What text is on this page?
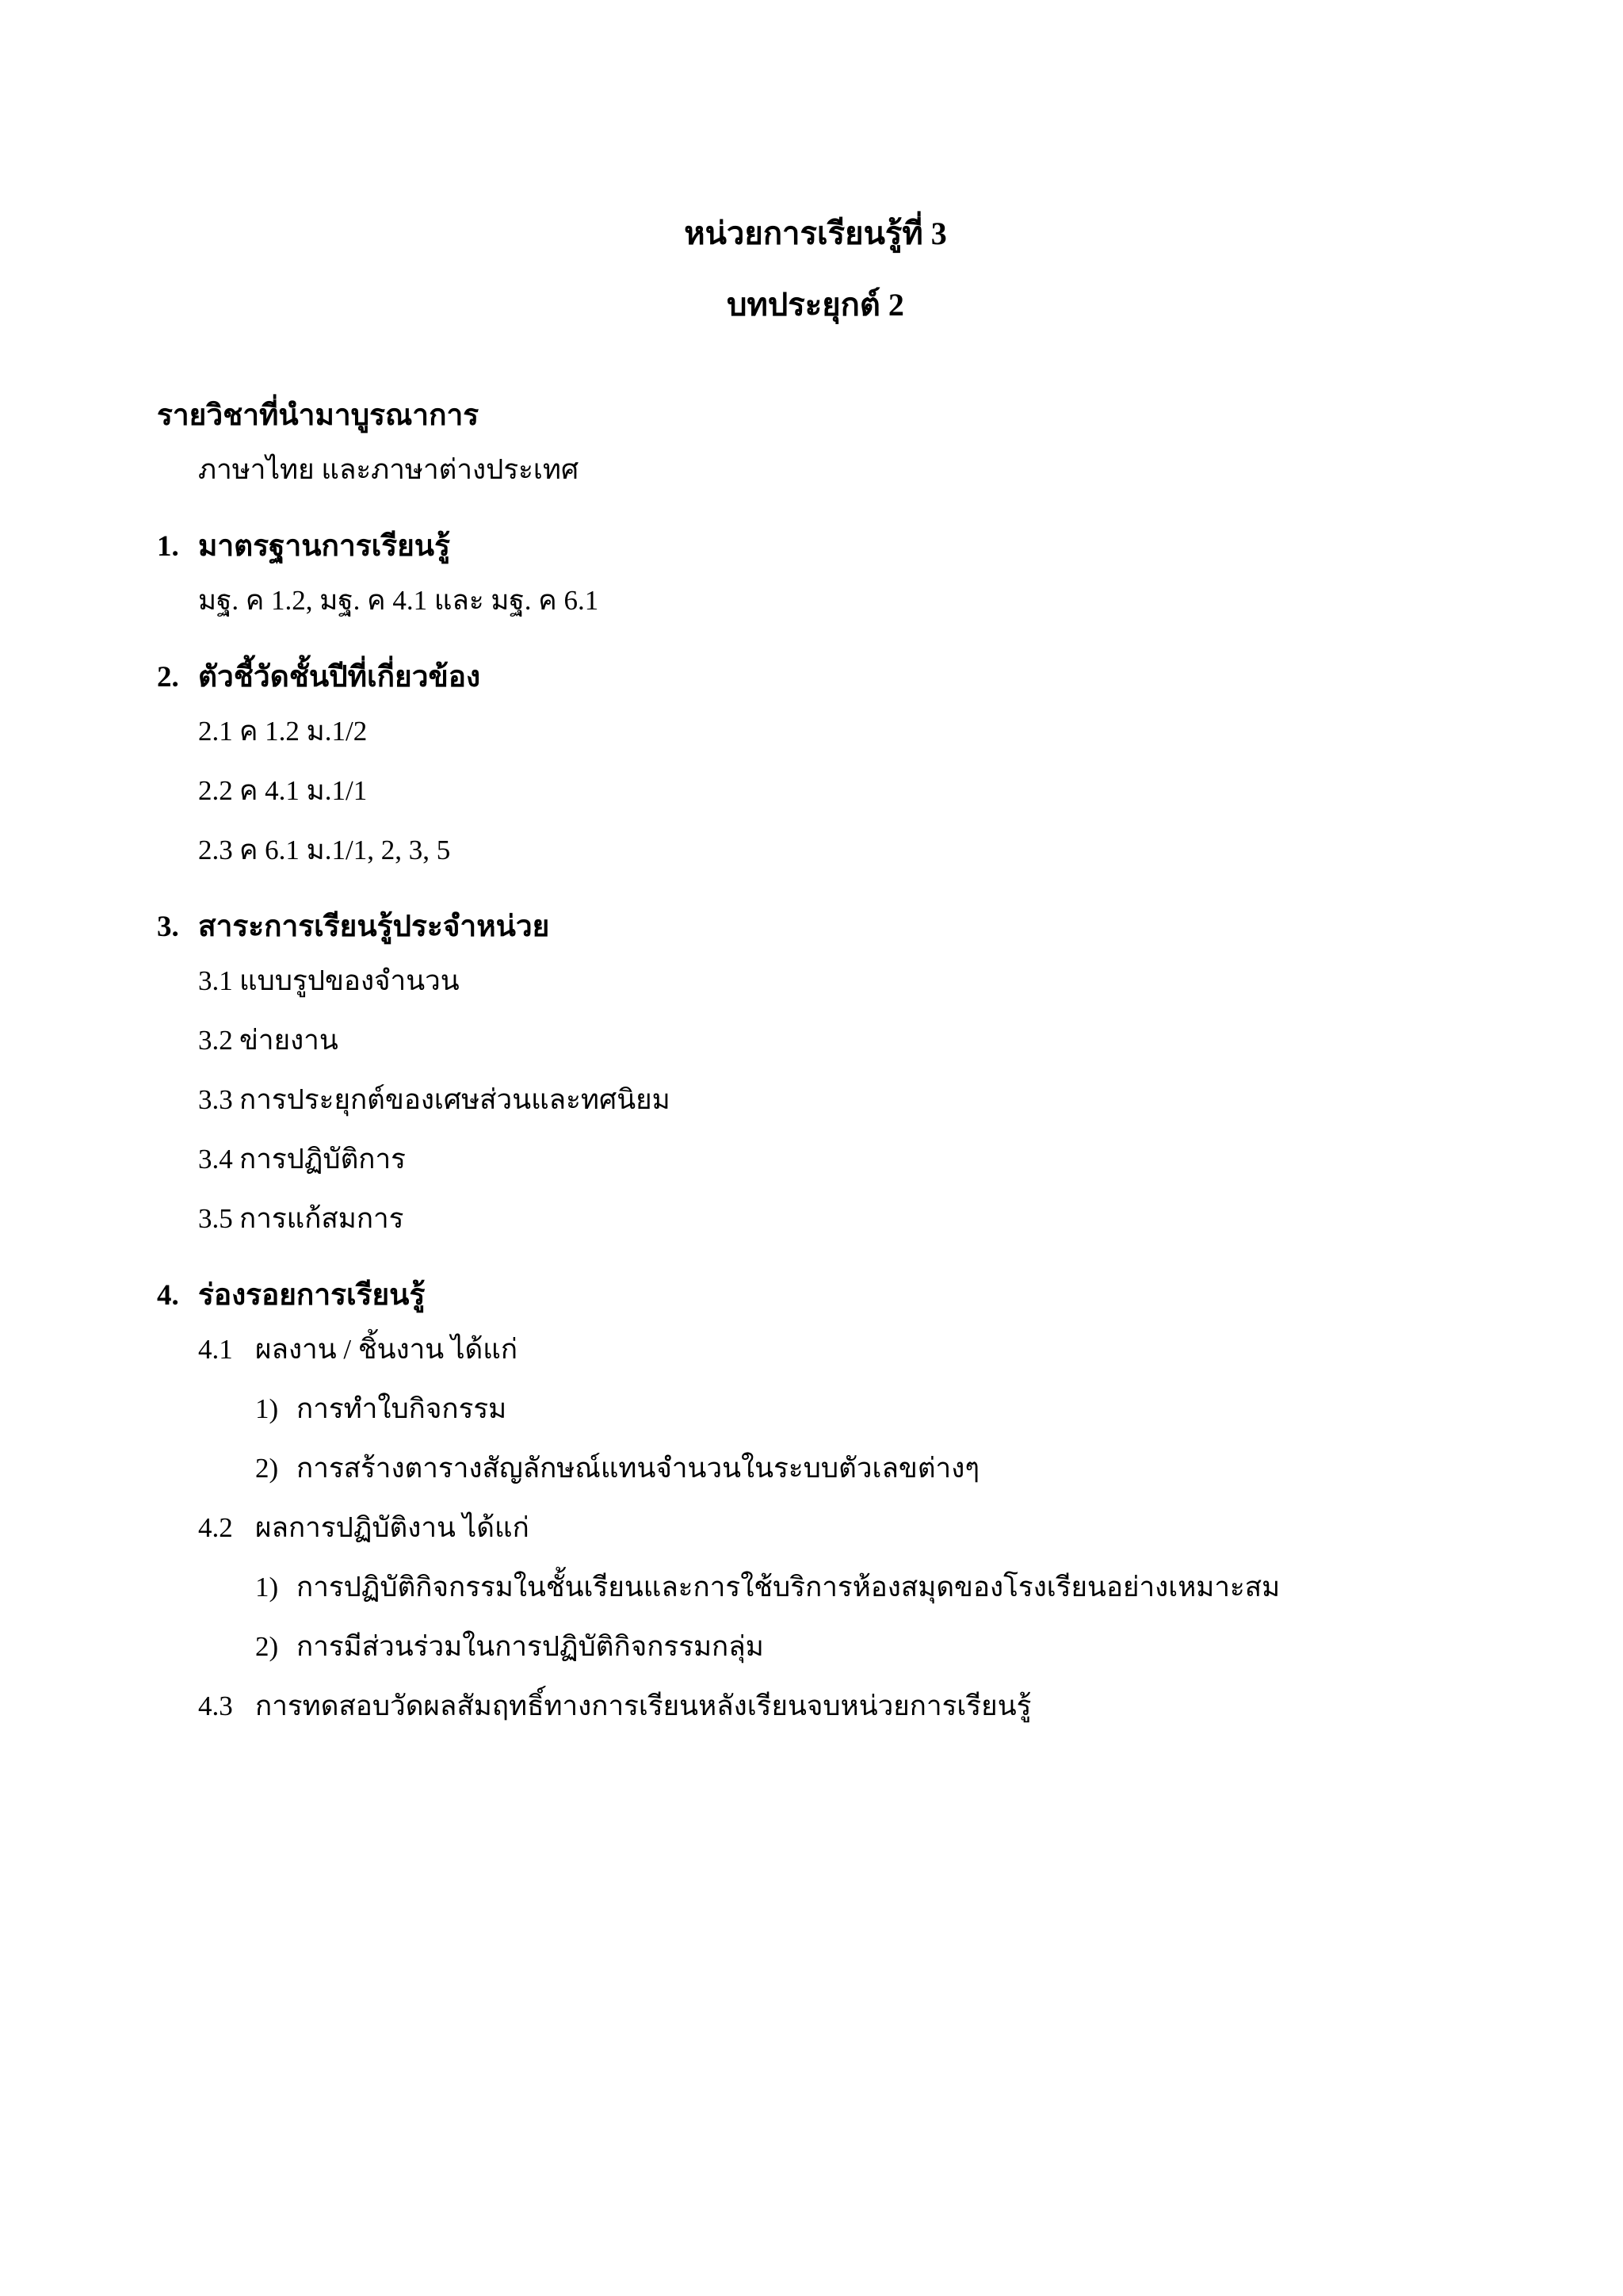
หน่วยการเรียนรู้ที่ 3
บทประยุกต์ 2
รายวิชาที่นำมาบูรณาการ
ภาษาไทย และภาษาต่างประเทศ
1. มาตรฐานการเรียนรู้
มฐ. ค 1.2, มฐ. ค 4.1 และ มฐ. ค 6.1
2. ตัวชี้วัดชั้นปีที่เกี่ยวข้อง
2.1 ค 1.2 ม.1/2
2.2 ค 4.1 ม.1/1
2.3 ค 6.1 ม.1/1, 2, 3, 5
3. สาระการเรียนรู้ประจำหน่วย
3.1 แบบรูปของจำนวน
3.2 ข่ายงาน
3.3 การประยุกต์ของเศษส่วนและทศนิยม
3.4 การปฏิบัติการ
3.5 การแก้สมการ
4. ร่องรอยการเรียนรู้
4.1 ผลงาน / ชิ้นงาน ได้แก่
1) การทำใบกิจกรรม
2) การสร้างตารางสัญลักษณ์แทนจำนวนในระบบตัวเลขต่างๆ
4.2 ผลการปฏิบัติงาน ได้แก่
1) การปฏิบัติกิจกรรมในชั้นเรียนและการใช้บริการห้องสมุดของโรงเรียนอย่างเหมาะสม
2) การมีส่วนร่วมในการปฏิบัติกิจกรรมกลุ่ม
4.3 การทดสอบวัดผลสัมฤทธิ์ทางการเรียนหลังเรียนจบหน่วยการเรียนรู้
